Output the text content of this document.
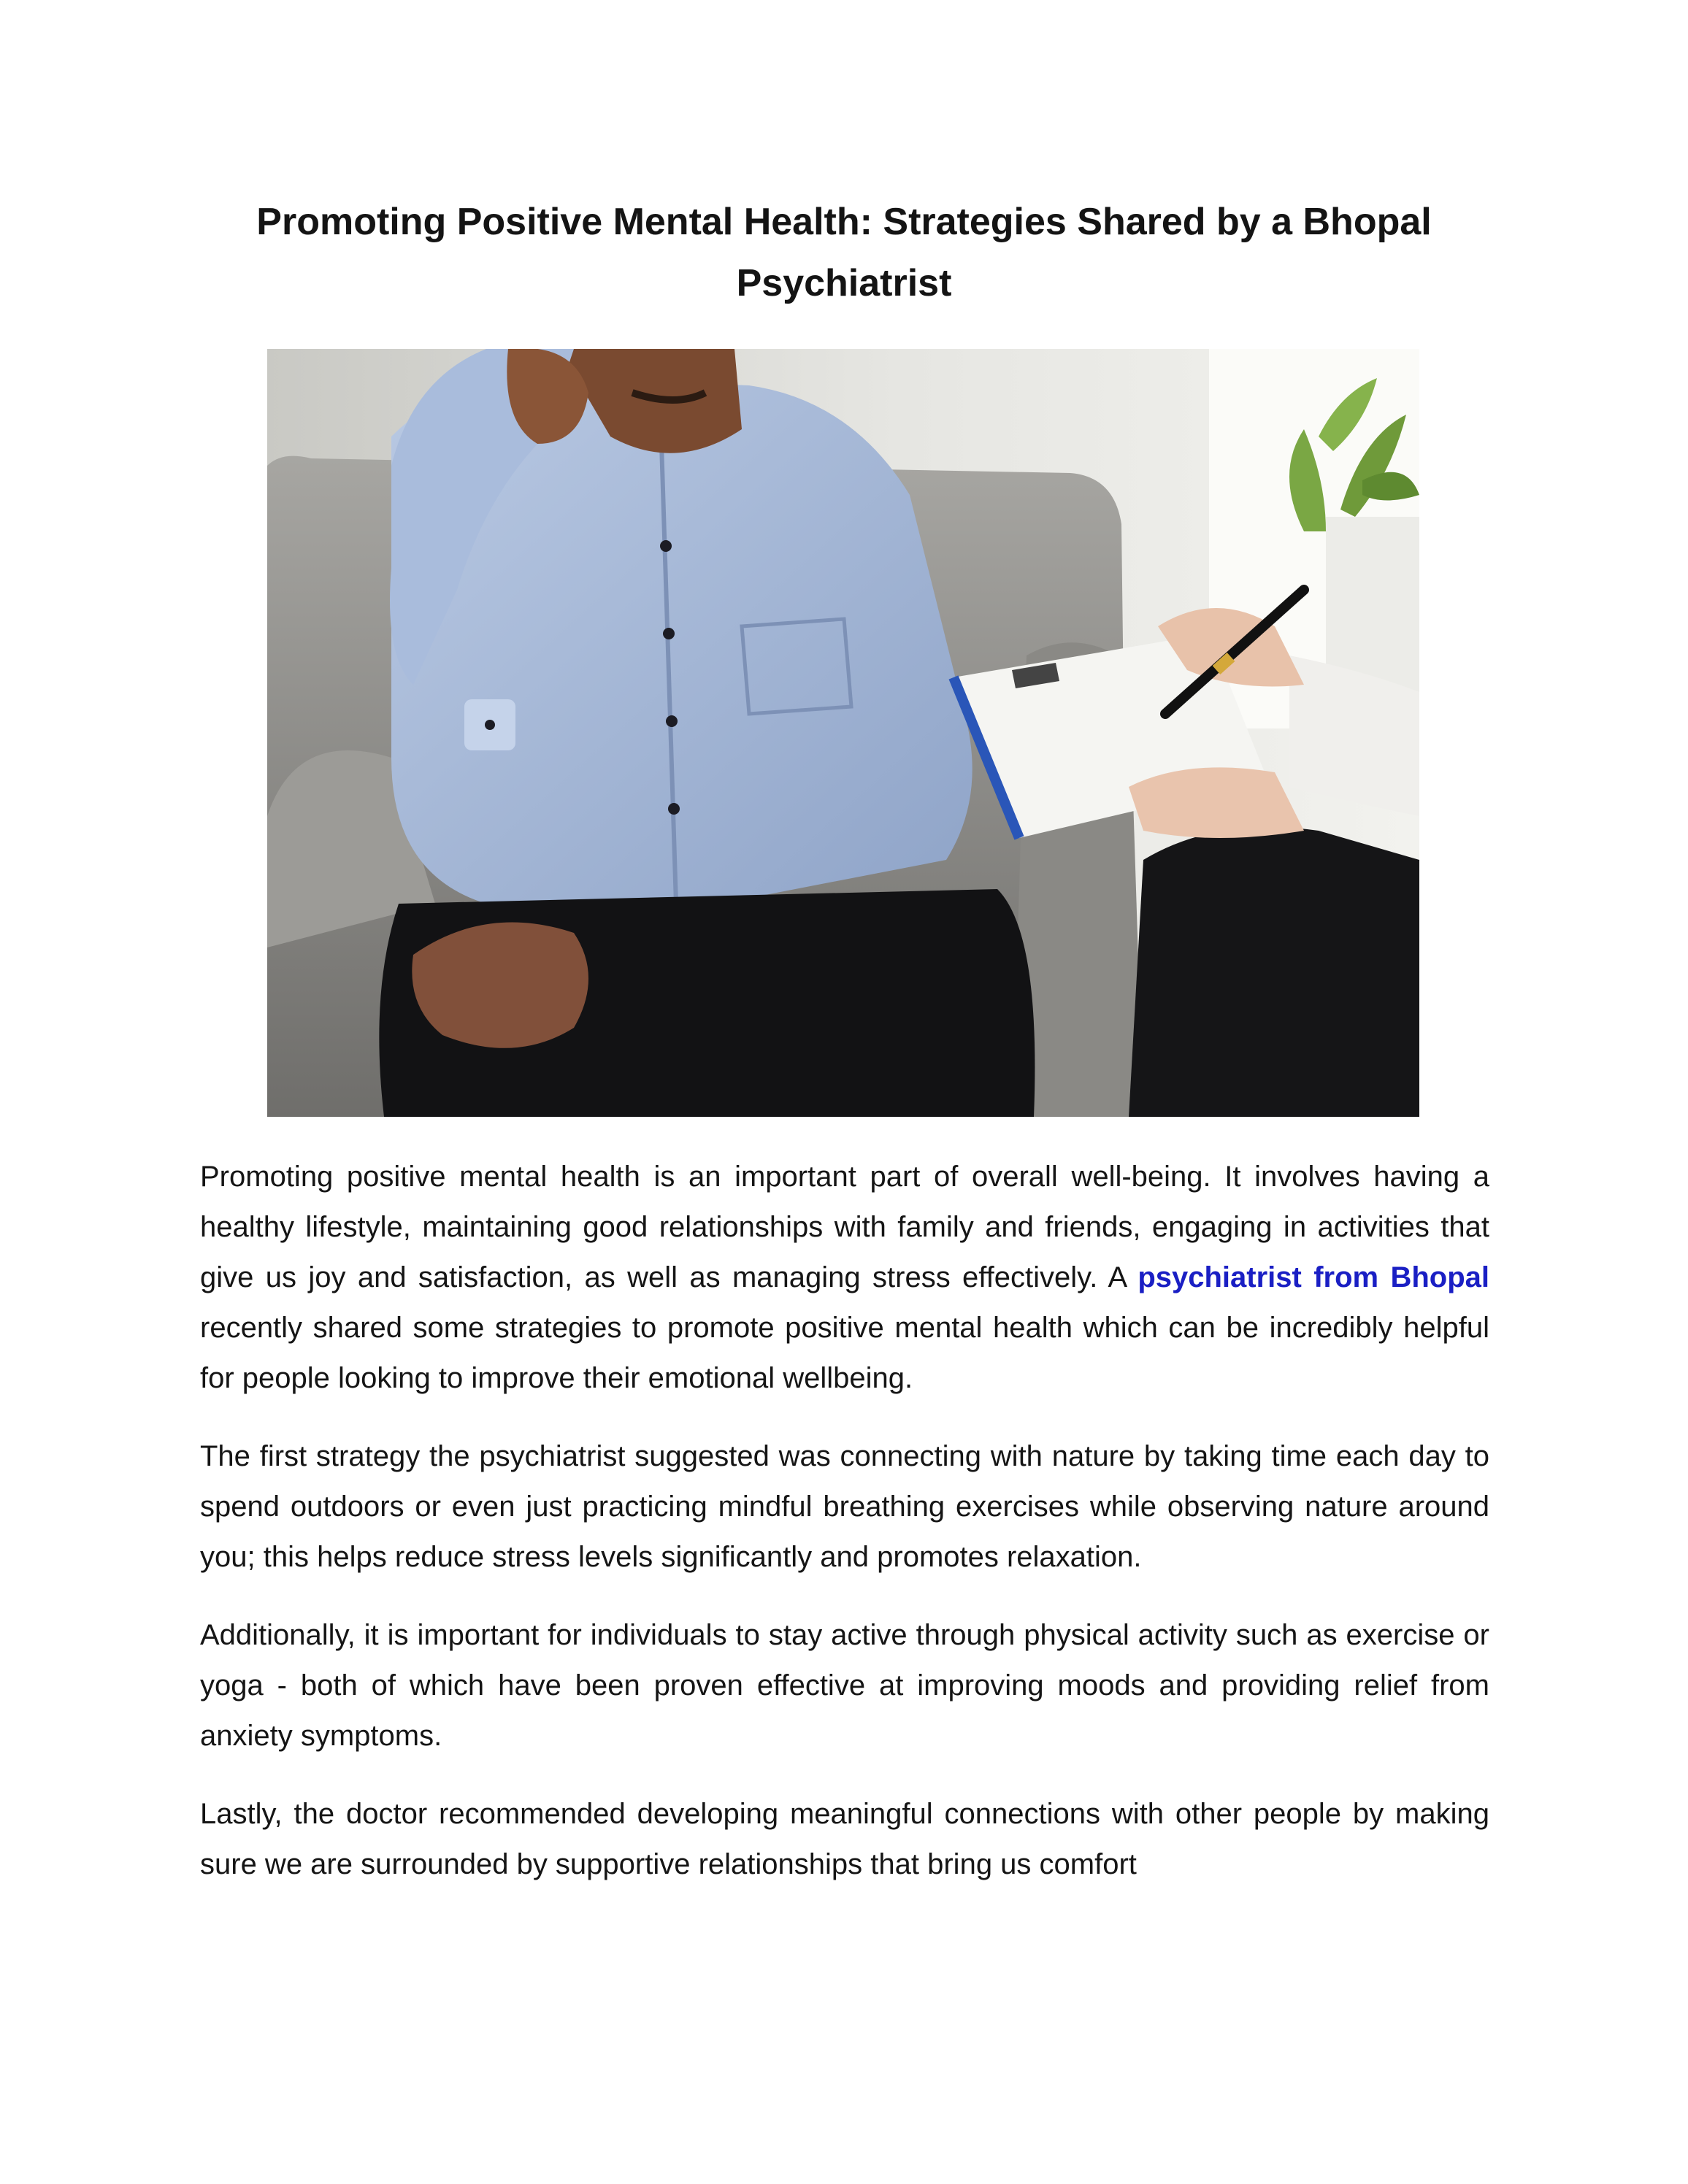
Promoting Positive Mental Health: Strategies Shared by a Bhopal Psychiatrist

Promoting positive mental health is an important part of overall well-being. It involves having a healthy lifestyle, maintaining good relationships with family and friends, engaging in activities that give us joy and satisfaction, as well as managing stress effectively. A psychiatrist from Bhopal recently shared some strategies to promote positive mental health which can be incredibly helpful for people looking to improve their emotional wellbeing.

The first strategy the psychiatrist suggested was connecting with nature by taking time each day to spend outdoors or even just practicing mindful breathing exercises while observing nature around you; this helps reduce stress levels significantly and promotes relaxation.

Additionally, it is important for individuals to stay active through physical activity such as exercise or yoga - both of which have been proven effective at improving moods and providing relief from anxiety symptoms.

Lastly, the doctor recommended developing meaningful connections with other people by making sure we are surrounded by supportive relationships that bring us comfort
